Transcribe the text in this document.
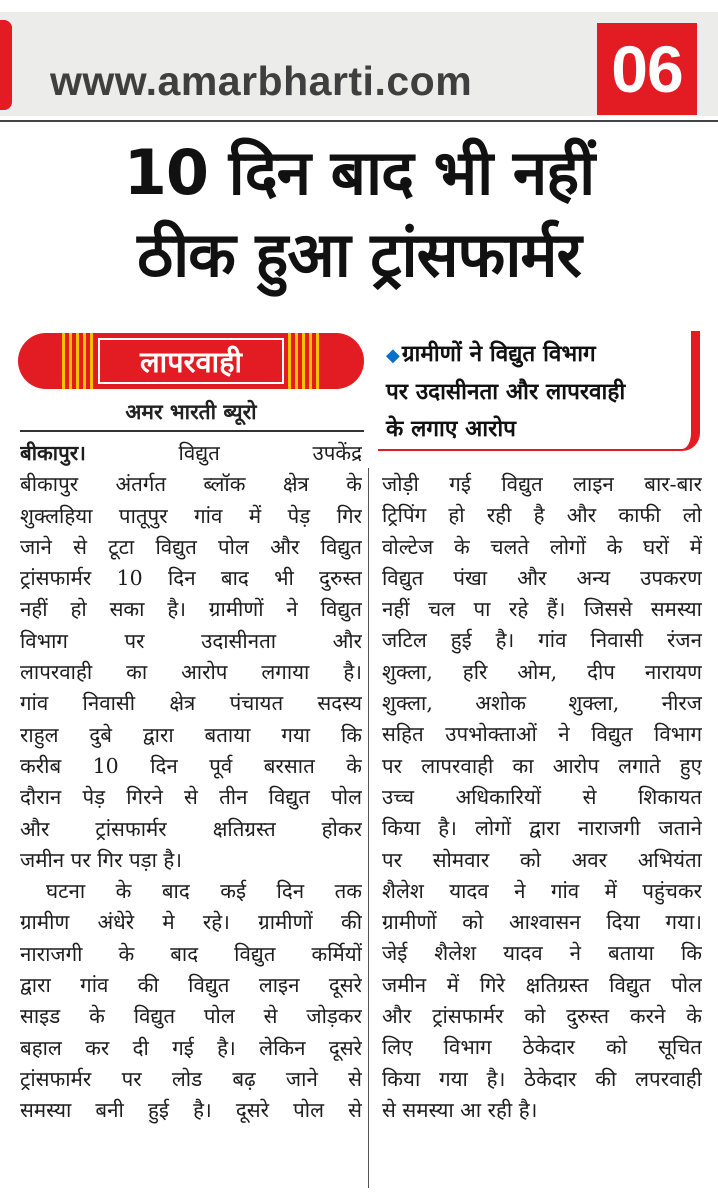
www.amarbharti.com 06
10 दिन बाद भी नहीं
ठीक हुआ ट्रांसफार्मर
लापरवाही
अमर भारती ब्यूरो
◆ग्रामीणों ने विद्युत विभाग
पर उदासीनता और लापरवाही
के लगाए आरोप
बीकापुर।	विद्युत उपकेंद्र
बीकापुर अंतर्गत ब्लॉक क्षेत्र के
शुक्लहिया पातूपुर गांव में पेड़ गिर
जाने से टूटा विद्युत पोल और विद्युत
ट्रांसफार्मर 10 दिन बाद भी दुरुस्त
नहीं हो सका है। ग्रामीणों ने विद्युत
विभाग पर उदासीनता और
लापरवाही का आरोप लगाया है।
गांव निवासी क्षेत्र पंचायत सदस्य
राहुल दुबे द्वारा बताया गया कि
करीब 10 दिन पूर्व बरसात के
दौरान पेड़ गिरने से तीन विद्युत पोल
और ट्रांसफार्मर क्षतिग्रस्त होकर
जमीन पर गिर पड़ा है।
घटना के बाद कई दिन तक
ग्रामीण अंधेरे मे रहे। ग्रामीणों की
नाराजगी के बाद विद्युत कर्मियों
द्वारा गांव की विद्युत लाइन दूसरे
साइड के विद्युत पोल से जोड़कर
बहाल कर दी गई है। लेकिन दूसरे
ट्रांसफार्मर पर लोड बढ़ जाने से
समस्या बनी हुई है। दूसरे पोल से
जोड़ी गई विद्युत लाइन बार-बार
ट्रिपिंग हो रही है और काफी लो
वोल्टेज के चलते लोगों के घरों में
विद्युत पंखा और अन्य उपकरण
नहीं चल पा रहे हैं। जिससे समस्या
जटिल हुई है। गांव निवासी रंजन
शुक्ला, हरि ओम, दीप नारायण
शुक्ला, अशोक शुक्ला, नीरज
सहित उपभोक्ताओं ने विद्युत विभाग
पर लापरवाही का आरोप लगाते हुए
उच्च अधिकारियों से शिकायत
किया है। लोगों द्वारा नाराजगी जताने
पर सोमवार को अवर अभियंता
शैलेश यादव ने गांव में पहुंचकर
ग्रामीणों को आश्वासन दिया गया।
जेई शैलेश यादव ने बताया कि
जमीन में गिरे क्षतिग्रस्त विद्युत पोल
और ट्रांसफार्मर को दुरुस्त करने के
लिए विभाग ठेकेदार को सूचित
किया गया है। ठेकेदार की लपरवाही
से समस्या आ रही है।
